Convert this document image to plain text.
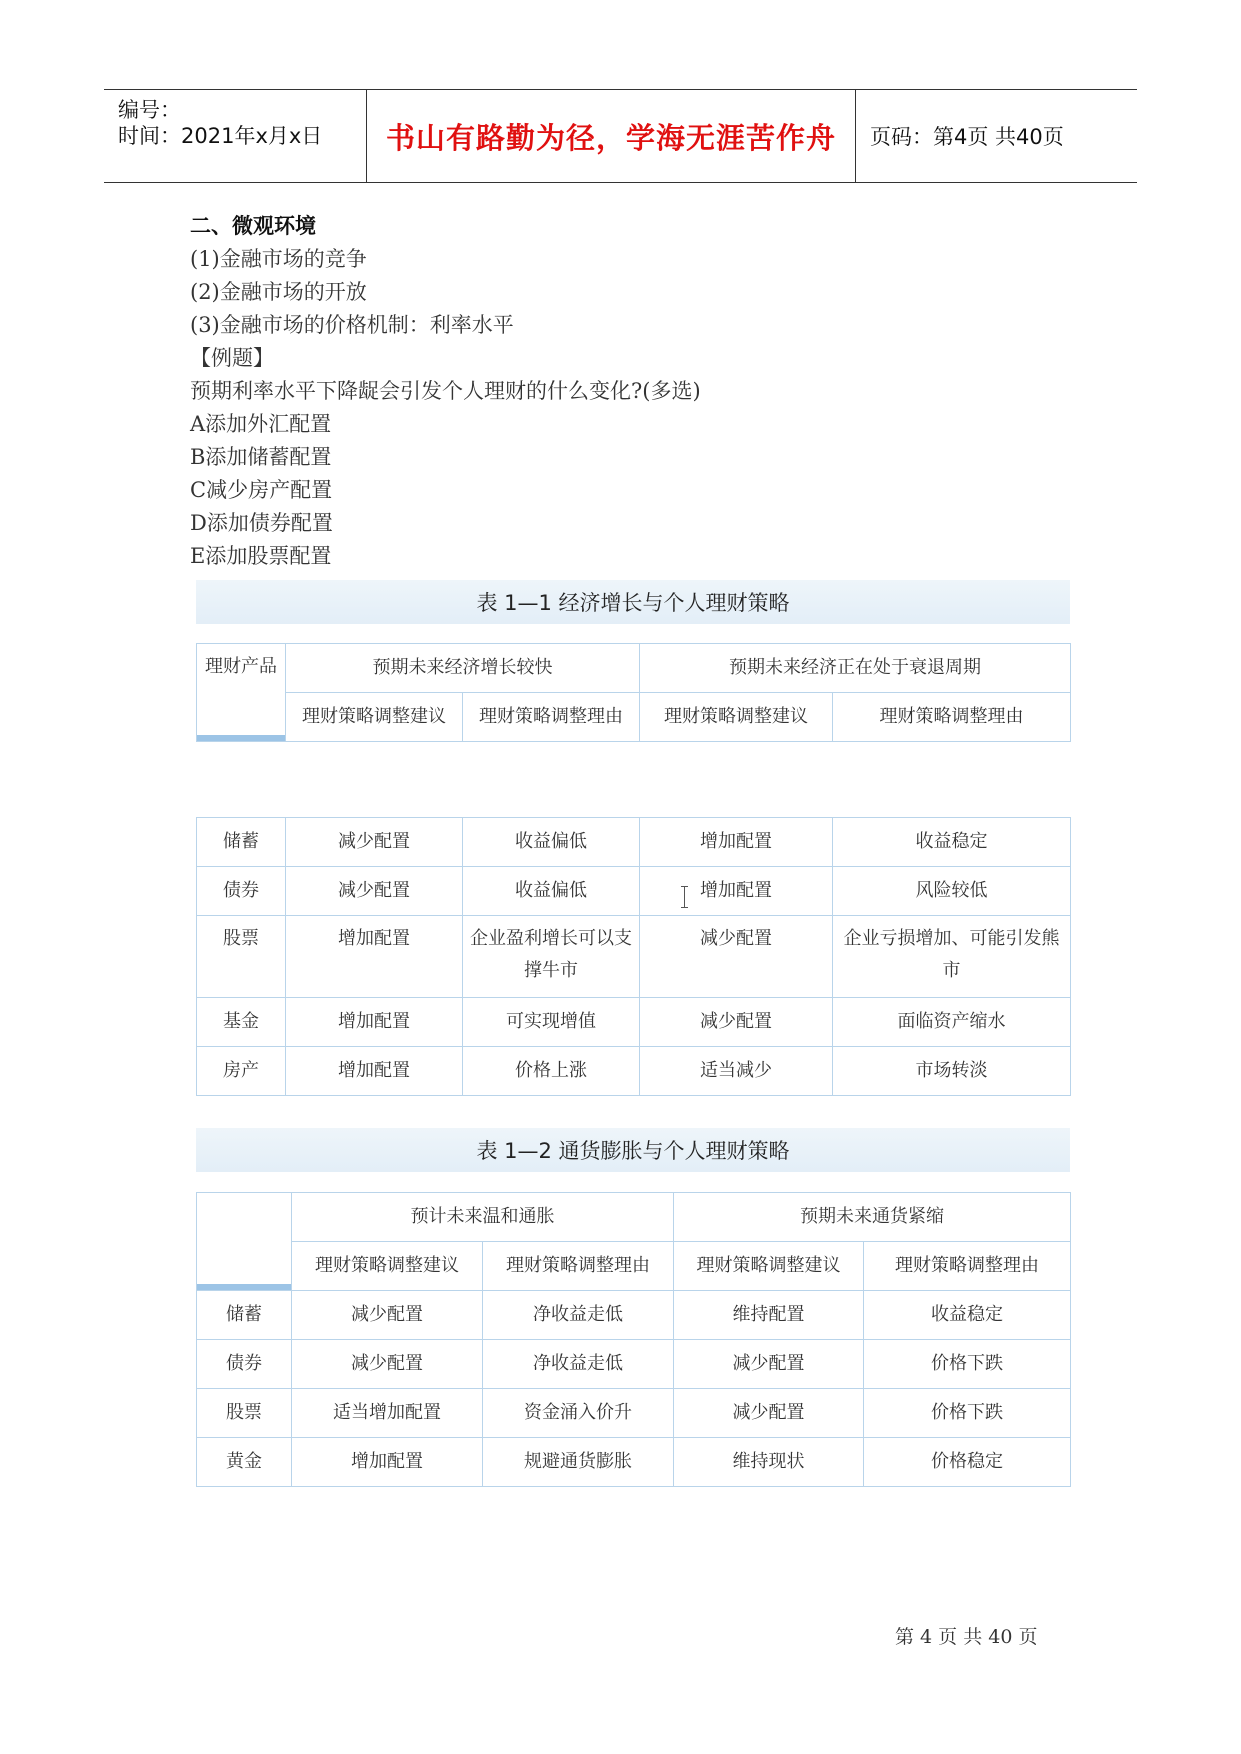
编号：
时间：2021年x月x日	书山有路勤为径，学海无涯苦作舟	页码：第4页 共40页
二、微观环境
(1)金融市场的竞争
(2)金融市场的开放
(3)金融市场的价格机制：利率水平
【例题】
预期利率水平下降龊会引发个人理财的什么变化?(多选)
A添加外汇配置
B添加储蓄配置
C减少房产配置
D添加债券配置
E添加股票配置
表 1—1 经济增长与个人理财策略
理财产品	预期未来经济增长较快		预期未来经济正在处于衰退周期	
	理财策略调整建议	理财策略调整理由	理财策略调整建议	理财策略调整理由
储蓄	减少配置	收益偏低	增加配置	收益稳定
债券	减少配置	收益偏低	增加配置	风险较低
股票	增加配置	企业盈利增长可以支撑牛市	减少配置	企业亏损增加、可能引发熊市
基金	增加配置	可实现增值	减少配置	面临资产缩水
房产	增加配置	价格上涨	适当减少	市场转淡
表 1—2 通货膨胀与个人理财策略
	预计未来温和通胀		预期未来通货紧缩	
	理财策略调整建议	理财策略调整理由	理财策略调整建议	理财策略调整理由
储蓄	减少配置	净收益走低	维持配置	收益稳定
债券	减少配置	净收益走低	减少配置	价格下跌
股票	适当增加配置	资金涌入价升	减少配置	价格下跌
黄金	增加配置	规避通货膨胀	维持现状	价格稳定
第 4 页 共 40 页
